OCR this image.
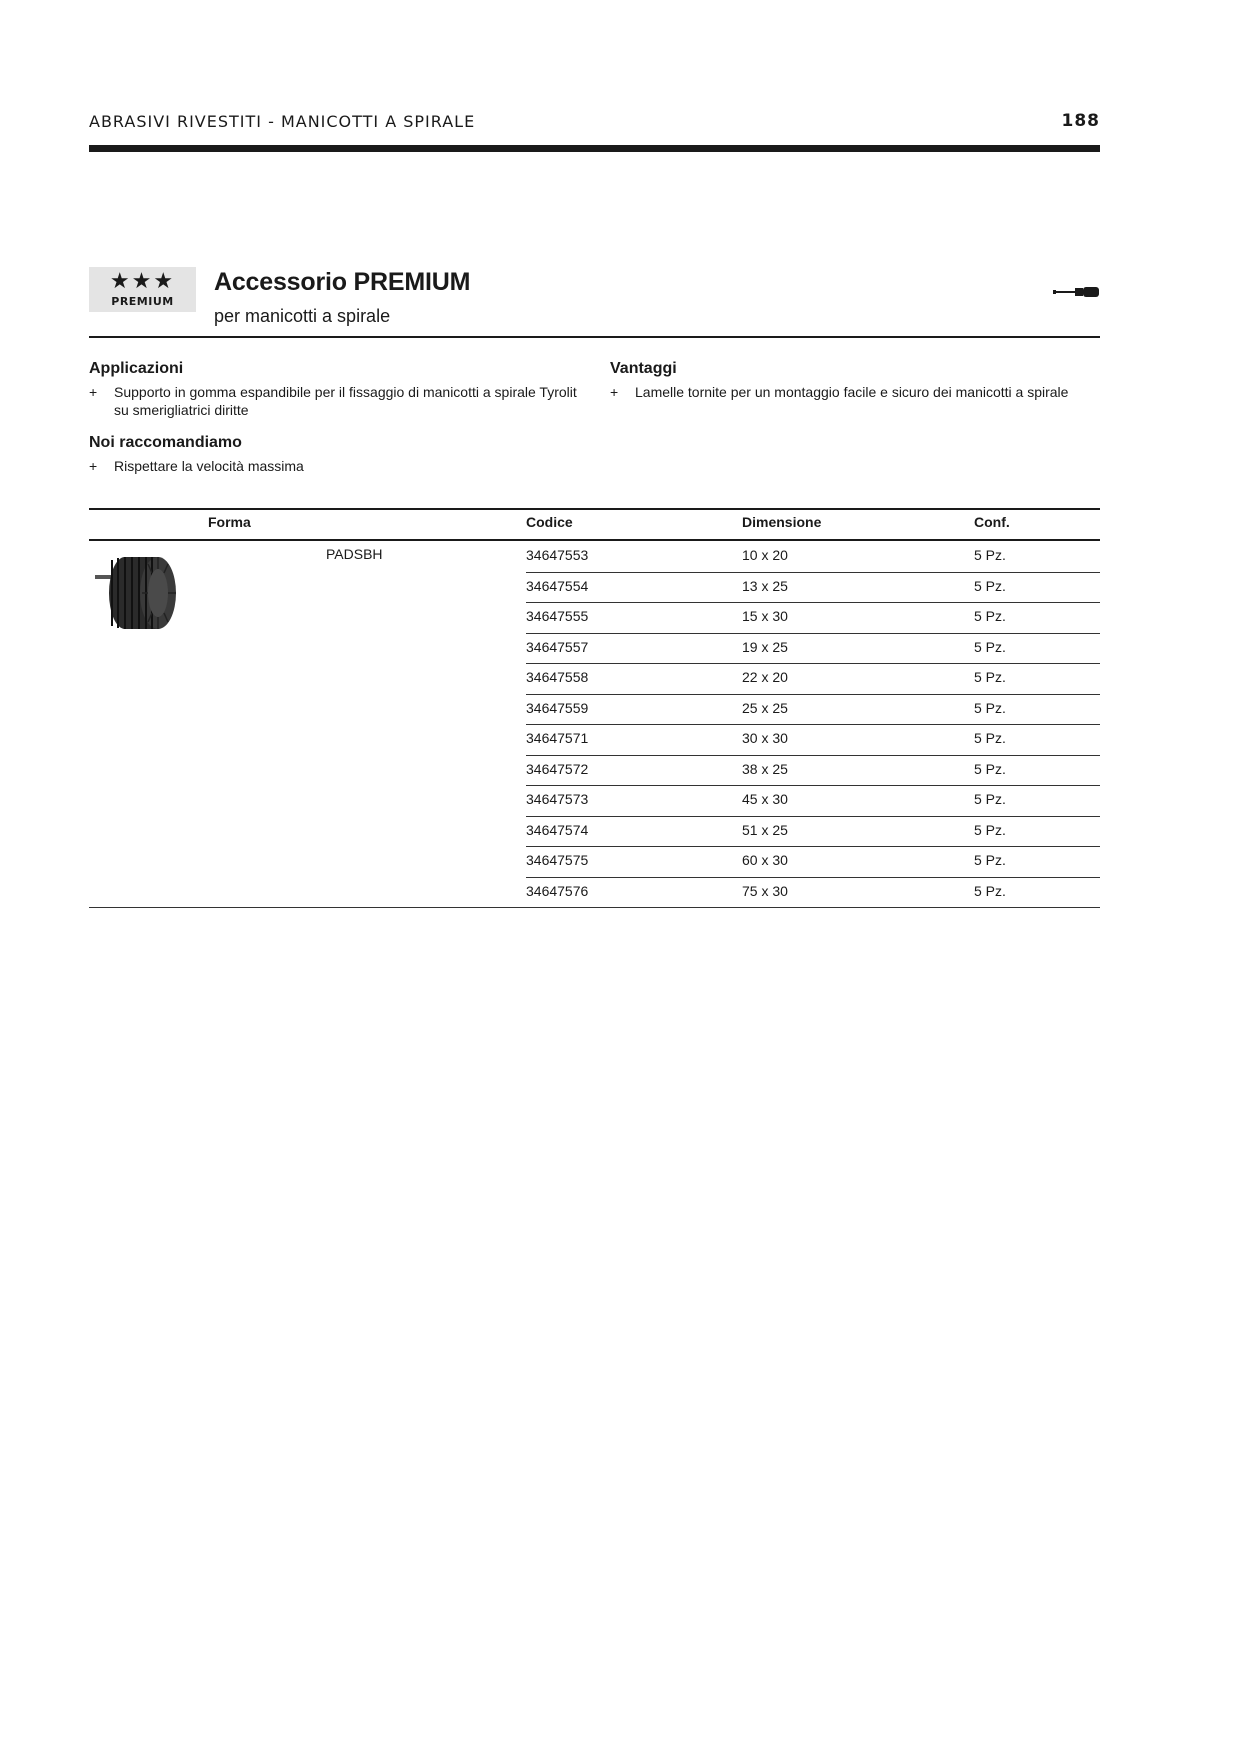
ABRASIVI RIVESTITI - MANICOTTI A SPIRALE	188
★★★
PREMIUM
Accessorio PREMIUM
per manicotti a spirale
Applicazioni
+	Supporto in gomma espandibile per il fissaggio di manicotti a spirale Tyrolit su smerigliatrici diritte
Vantaggi
+	Lamelle tornite per un montaggio facile e sicuro dei manicotti a spirale
Noi raccomandiamo
+	Rispettare la velocità massima
Forma	Codice	Dimensione	Conf.
PADSBH	34647553	10 x 20	5 Pz.
34647554	13 x 25	5 Pz.
34647555	15 x 30	5 Pz.
34647557	19 x 25	5 Pz.
34647558	22 x 20	5 Pz.
34647559	25 x 25	5 Pz.
34647571	30 x 30	5 Pz.
34647572	38 x 25	5 Pz.
34647573	45 x 30	5 Pz.
34647574	51 x 25	5 Pz.
34647575	60 x 30	5 Pz.
34647576	75 x 30	5 Pz.
